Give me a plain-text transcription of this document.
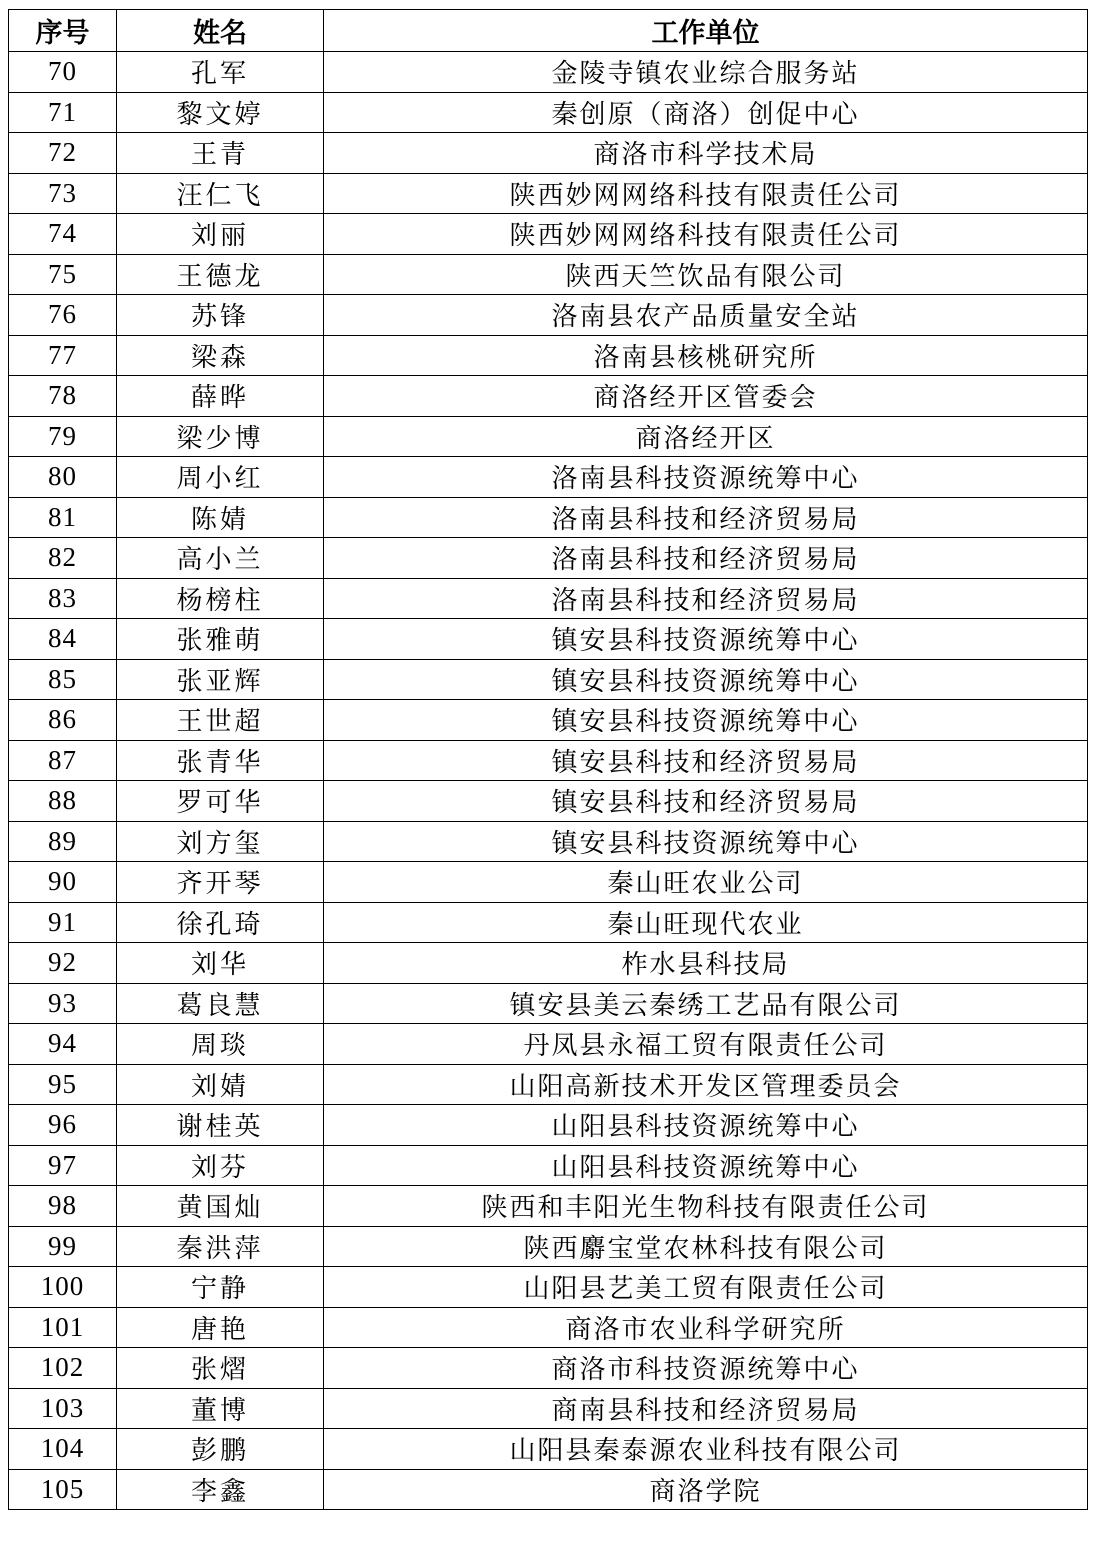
序号	姓名	工作单位
70	孔军	金陵寺镇农业综合服务站
71	黎文婷	秦创原（商洛）创促中心
72	王青	商洛市科学技术局
73	汪仁飞	陕西妙网网络科技有限责任公司
74	刘丽	陕西妙网网络科技有限责任公司
75	王德龙	陕西天竺饮品有限公司
76	苏锋	洛南县农产品质量安全站
77	梁森	洛南县核桃研究所
78	薛晔	商洛经开区管委会
79	梁少博	商洛经开区
80	周小红	洛南县科技资源统筹中心
81	陈婧	洛南县科技和经济贸易局
82	高小兰	洛南县科技和经济贸易局
83	杨榜柱	洛南县科技和经济贸易局
84	张雅萌	镇安县科技资源统筹中心
85	张亚辉	镇安县科技资源统筹中心
86	王世超	镇安县科技资源统筹中心
87	张青华	镇安县科技和经济贸易局
88	罗可华	镇安县科技和经济贸易局
89	刘方玺	镇安县科技资源统筹中心
90	齐开琴	秦山旺农业公司
91	徐孔琦	秦山旺现代农业
92	刘华	柞水县科技局
93	葛良慧	镇安县美云秦绣工艺品有限公司
94	周琰	丹凤县永福工贸有限责任公司
95	刘婧	山阳高新技术开发区管理委员会
96	谢桂英	山阳县科技资源统筹中心
97	刘芬	山阳县科技资源统筹中心
98	黄国灿	陕西和丰阳光生物科技有限责任公司
99	秦洪萍	陕西麝宝堂农林科技有限公司
100	宁静	山阳县艺美工贸有限责任公司
101	唐艳	商洛市农业科学研究所
102	张熠	商洛市科技资源统筹中心
103	董博	商南县科技和经济贸易局
104	彭鹏	山阳县秦泰源农业科技有限公司
105	李鑫	商洛学院
